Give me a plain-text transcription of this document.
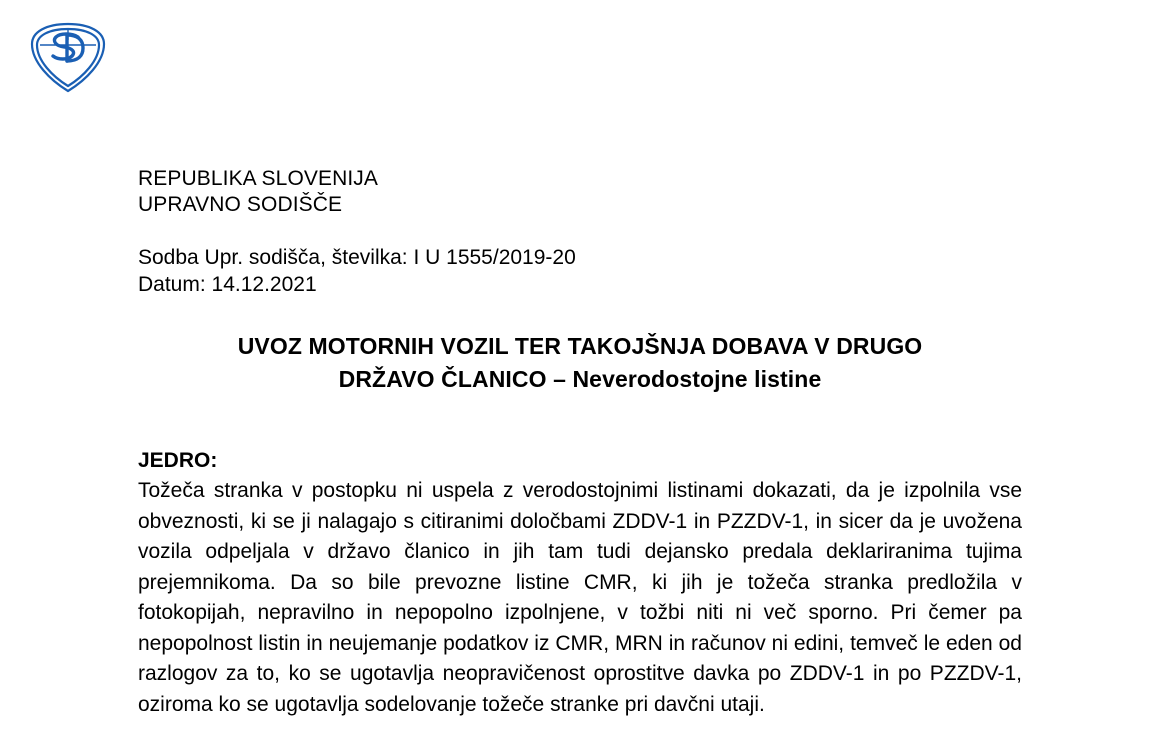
REPUBLIKA SLOVENIJA
UPRAVNO SODIŠČE
Sodba Upr. sodišča, številka: I U 1555/2019-20
Datum: 14.12.2021
UVOZ MOTORNIH VOZIL TER TAKOJŠNJA DOBAVA V DRUGO
DRŽAVO ČLANICO – Neverodostojne listine
JEDRO:
Tožeča stranka v postopku ni uspela z verodostojnimi listinami dokazati, da je izpolnila vse obveznosti, ki se ji nalagajo s citiranimi določbami ZDDV-1 in PZZDV-1, in sicer da je uvožena vozila odpeljala v državo članico in jih tam tudi dejansko predala deklariranima tujima prejemnikoma. Da so bile prevozne listine CMR, ki jih je tožeča stranka predložila v fotokopijah, nepravilno in nepopolno izpolnjene, v tožbi niti ni več sporno. Pri čemer pa nepopolnost listin in neujemanje podatkov iz CMR, MRN in računov ni edini, temveč le eden od razlogov za to, ko se ugotavlja neopravičenost oprostitve davka po ZDDV-1 in po PZZDV-1, oziroma ko se ugotavlja sodelovanje tožeče stranke pri davčni utaji.
